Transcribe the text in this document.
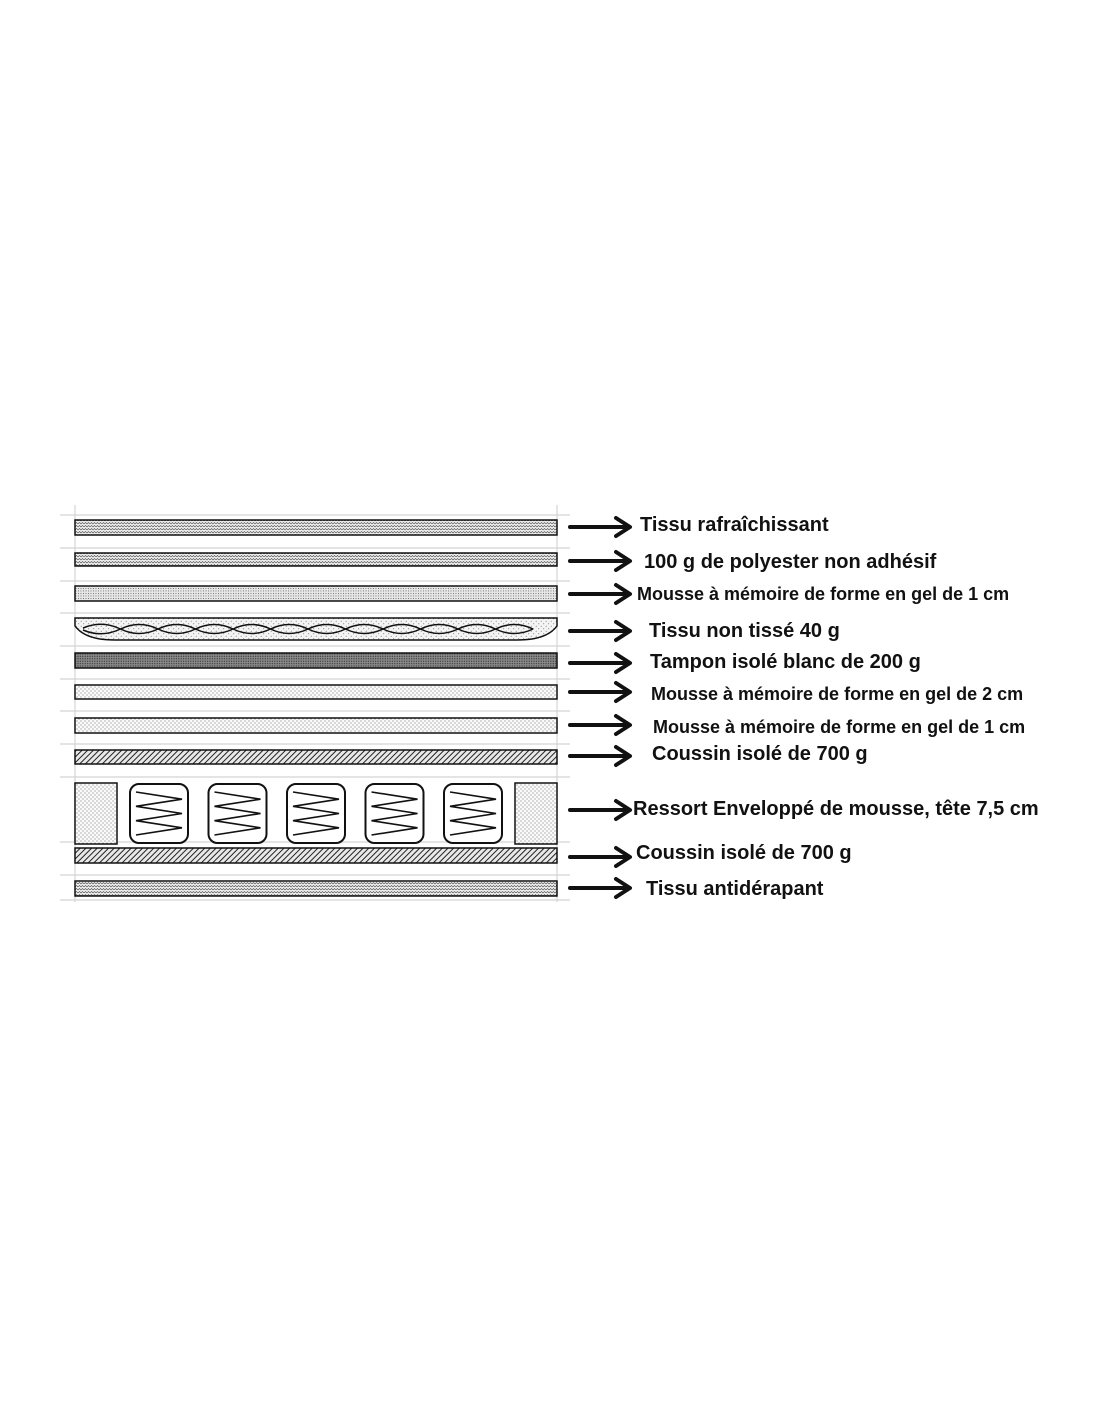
Tissu rafraîchissant
100 g de polyester non adhésif
Mousse à mémoire de forme en gel de 1 cm
Tissu non tissé 40 g
Tampon isolé blanc de 200 g
Mousse à mémoire de forme en gel de 2 cm
Mousse à mémoire de forme en gel de 1 cm
Coussin isolé de 700 g
Ressort Enveloppé de mousse, tête 7,5 cm
Coussin isolé de 700 g
Tissu antidérapant
